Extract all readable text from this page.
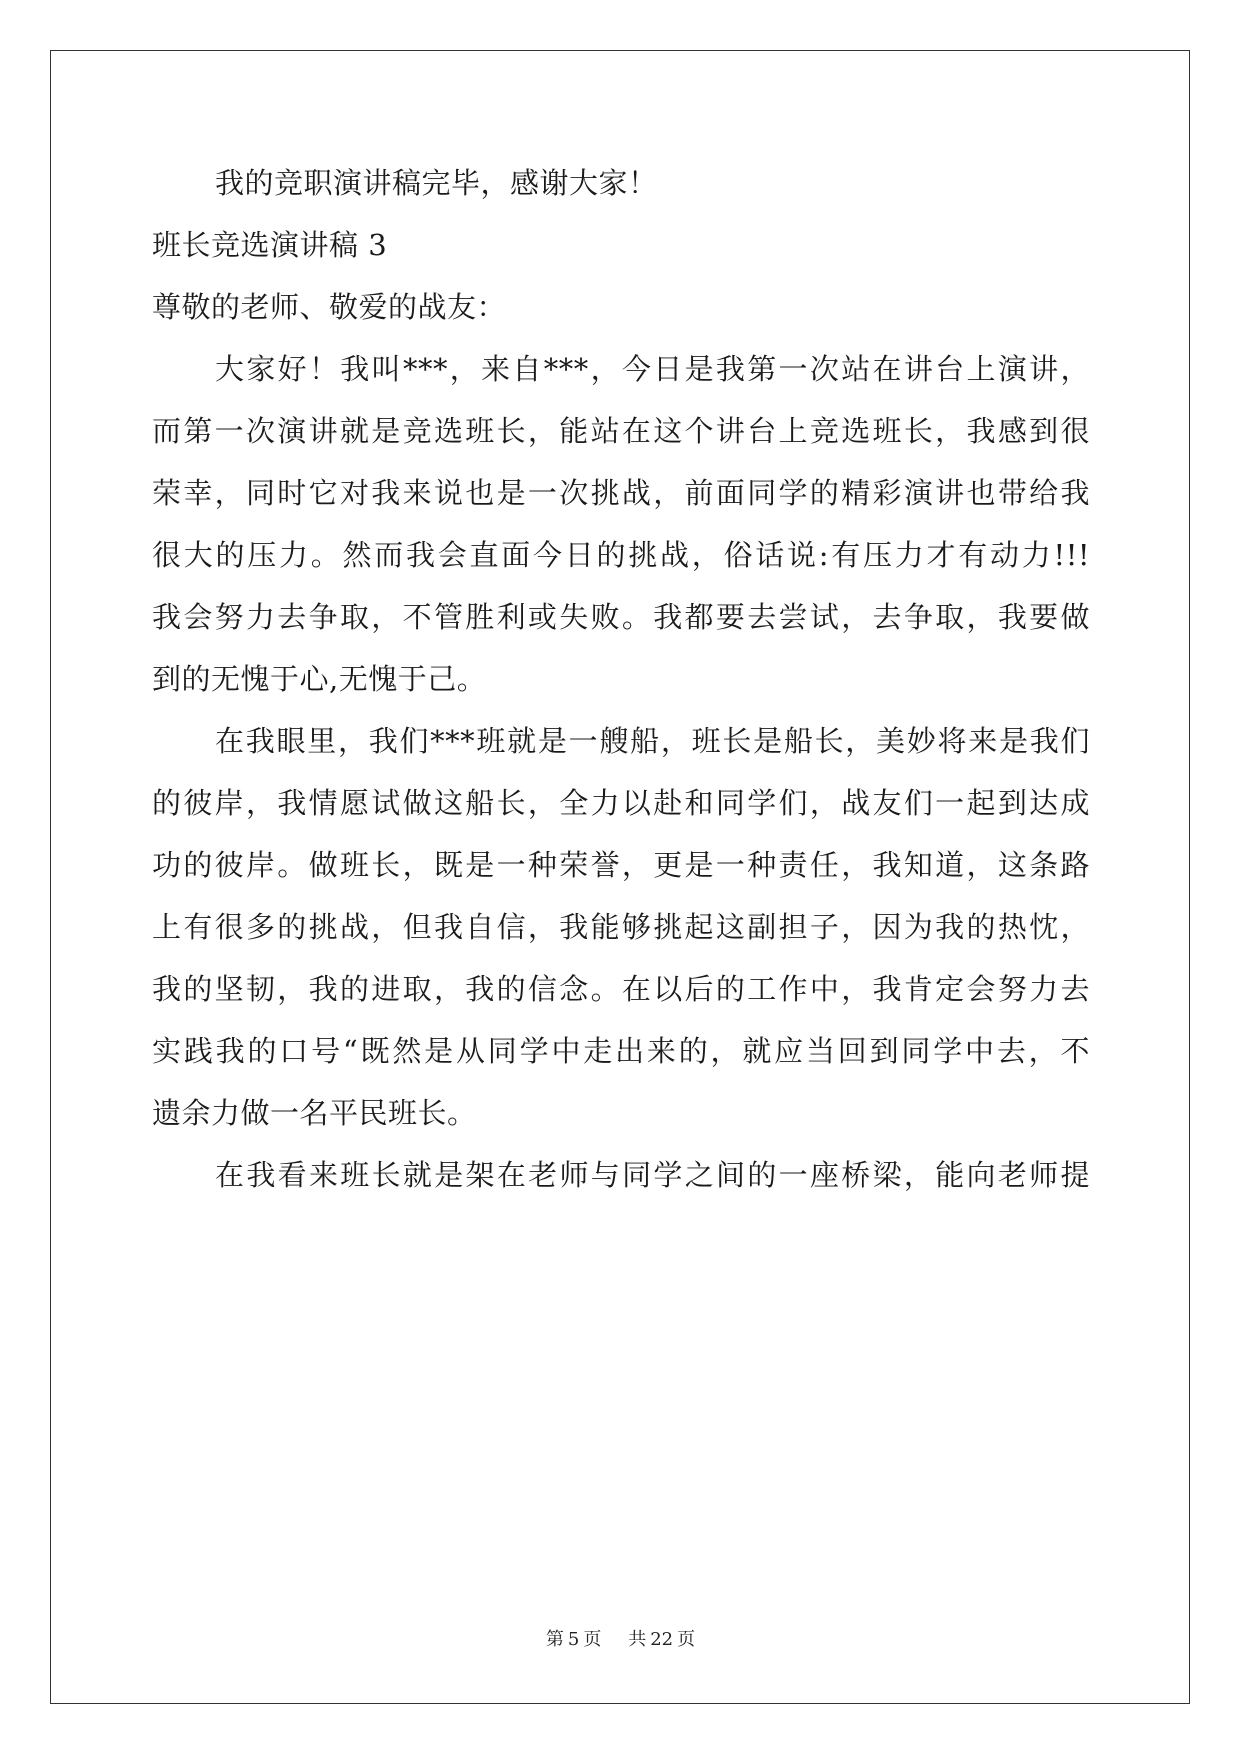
我的竞职演讲稿完毕，感谢大家！
班长竞选演讲稿 3
尊敬的老师、敬爱的战友：
大家好！我叫***，来自***，今日是我第一次站在讲台上演讲，
而第一次演讲就是竞选班长，能站在这个讲台上竞选班长，我感到很
荣幸，同时它对我来说也是一次挑战，前面同学的精彩演讲也带给我
很大的压力。然而我会直面今日的挑战，俗话说:有压力才有动力!!!
我会努力去争取，不管胜利或失败。我都要去尝试，去争取，我要做
到的无愧于心,无愧于己。
在我眼里，我们***班就是一艘船，班长是船长，美妙将来是我们
的彼岸，我情愿试做这船长，全力以赴和同学们，战友们一起到达成
功的彼岸。做班长，既是一种荣誉，更是一种责任，我知道，这条路
上有很多的挑战，但我自信，我能够挑起这副担子，因为我的热忱，
我的坚韧，我的进取，我的信念。在以后的工作中，我肯定会努力去
实践我的口号“既然是从同学中走出来的，就应当回到同学中去，不
遗余力做一名平民班长。
在我看来班长就是架在老师与同学之间的一座桥梁，能向老师提
第 5 页 共 22 页
